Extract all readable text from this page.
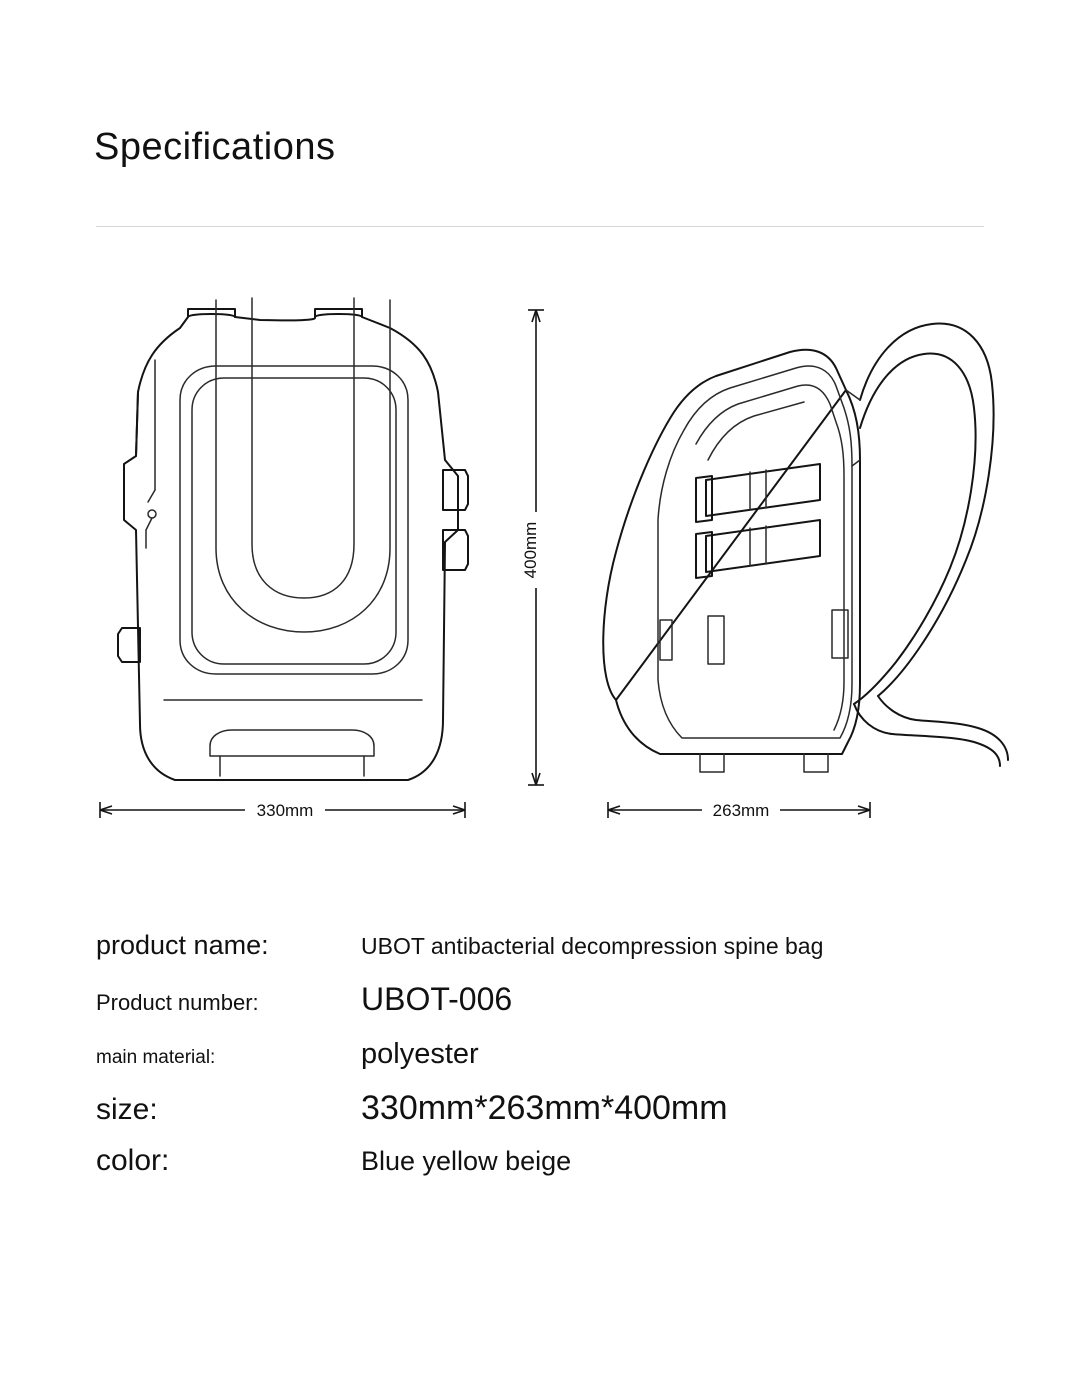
Specifications
330mm
400mm
263mm
product name:	UBOT antibacterial decompression spine bag
Product number:	UBOT-006
main material:	polyester
size:	330mm*263mm*400mm
color:	Blue yellow beige
